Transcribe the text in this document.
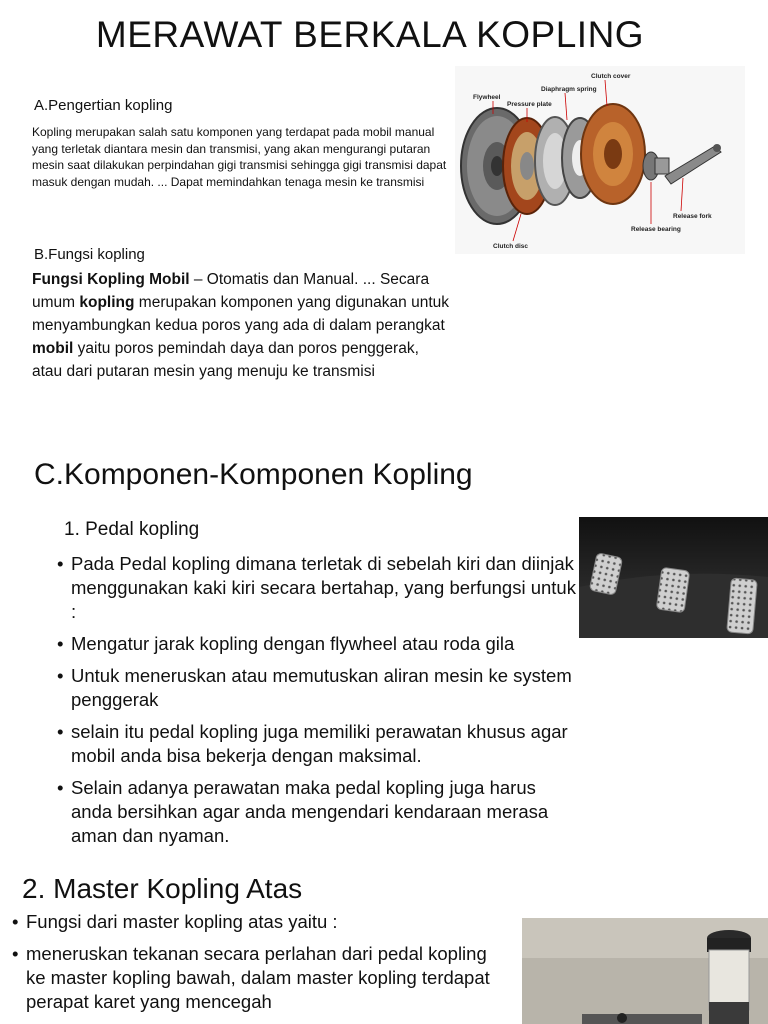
MERAWAT BERKALA KOPLING
A.Pengertian kopling
Kopling merupakan salah satu komponen yang terdapat pada mobil manual yang terletak diantara mesin dan transmisi, yang akan mengurangi putaran mesin saat dilakukan perpindahan gigi transmisi sehingga gigi transmisi dapat masuk dengan mudah. ... Dapat memindahkan tenaga mesin ke transmisi
B.Fungsi kopling
Fungsi Kopling Mobil – Otomatis dan Manual. ... Secara umum kopling merupakan komponen yang digunakan untuk menyambungkan kedua poros yang ada di dalam perangkat mobil yaitu poros pemindah daya dan poros penggerak, atau dari putaran mesin yang menuju ke transmisi
C.Komponen-Komponen Kopling
1. Pedal kopling
• Pada Pedal kopling dimana terletak di sebelah kiri dan diinjak menggunakan kaki kiri secara bertahap, yang berfungsi untuk :
• Mengatur jarak kopling dengan flywheel atau roda gila
• Untuk meneruskan atau memutuskan aliran mesin ke system penggerak
• selain itu pedal kopling juga memiliki perawatan khusus agar mobil anda bisa bekerja dengan maksimal.
• Selain adanya perawatan maka pedal kopling juga harus anda bersihkan agar anda mengendari kendaraan merasa aman dan nyaman.
2. Master Kopling Atas
• Fungsi dari master kopling atas yaitu :
• meneruskan tekanan secara perlahan dari pedal kopling ke master kopling bawah, dalam master kopling terdapat perapat karet yang mencegah
Flywheel
Pressure plate
Diaphragm spring
Clutch cover
Clutch disc
Release fork
Release bearing
